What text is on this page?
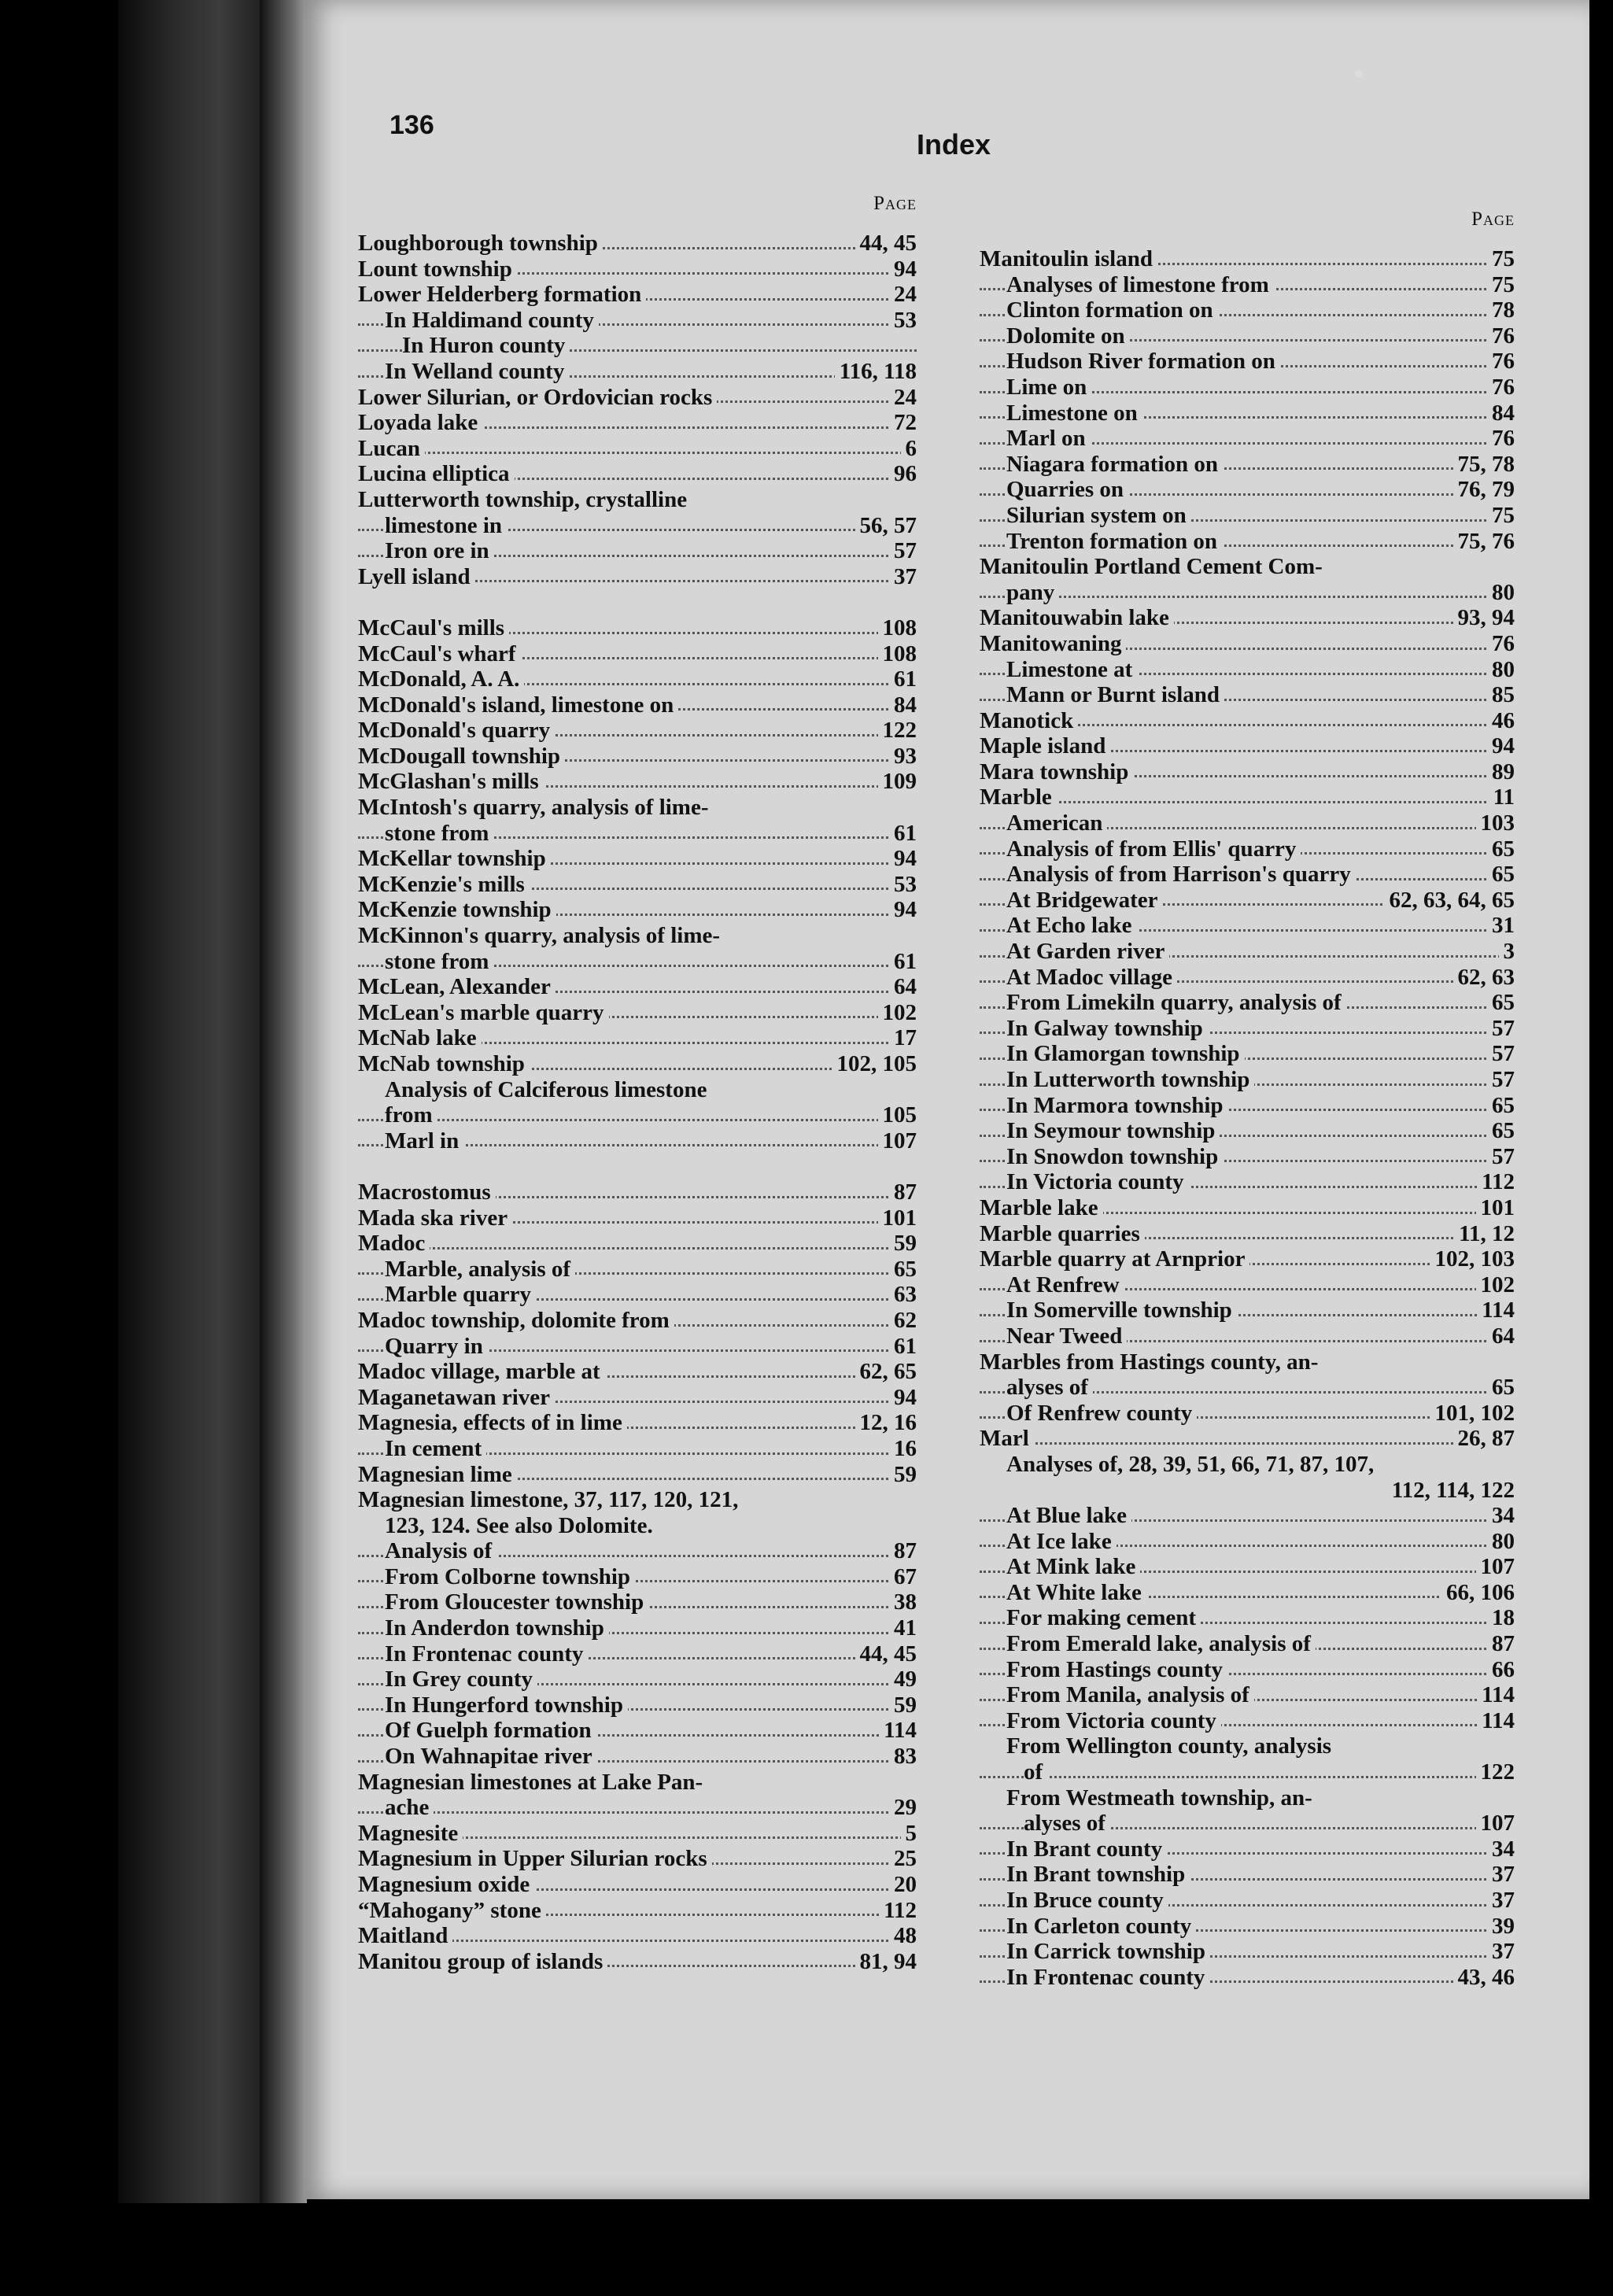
136
Index
Page
Loughborough township	44, 45
Lount township	94
Lower Helderberg formation	24
In Haldimand county	53
In Huron county
In Welland county	116, 118
Lower Silurian, or Ordovician rocks	24
Loyada lake	72
Lucan	6
Lucina elliptica	96
Lutterworth township, crystalline
limestone in	56, 57
Iron ore in	57
Lyell island	37
McCaul's mills	108
McCaul's wharf	108
McDonald, A. A.	61
McDonald's island, limestone on	84
McDonald's quarry	122
McDougall township	93
McGlashan's mills	109
McIntosh's quarry, analysis of lime-
stone from	61
McKellar township	94
McKenzie's mills	53
McKenzie township	94
McKinnon's quarry, analysis of lime-
stone from	61
McLean, Alexander	64
McLean's marble quarry	102
McNab lake	17
McNab township	102, 105
Analysis of Calciferous limestone
from	105
Marl in	107
Macrostomus	87
Mada ska river	101
Madoc	59
Marble, analysis of	65
Marble quarry	63
Madoc township, dolomite from	62
Quarry in	61
Madoc village, marble at	62, 65
Maganetawan river	94
Magnesia, effects of in lime	12, 16
In cement	16
Magnesian lime	59
Magnesian limestone, 37, 117, 120, 121,
123, 124. See also Dolomite.
Analysis of	87
From Colborne township	67
From Gloucester township	38
In Anderdon township	41
In Frontenac county	44, 45
In Grey county	49
In Hungerford township	59
Of Guelph formation	114
On Wahnapitae river	83
Magnesian limestones at Lake Pan-
ache	29
Magnesite	5
Magnesium in Upper Silurian rocks	25
Magnesium oxide	20
“Mahogany” stone	112
Maitland	48
Manitou group of islands	81, 94
Page
Manitoulin island	75
Analyses of limestone from	75
Clinton formation on	78
Dolomite on	76
Hudson River formation on	76
Lime on	76
Limestone on	84
Marl on	76
Niagara formation on	75, 78
Quarries on	76, 79
Silurian system on	75
Trenton formation on	75, 76
Manitoulin Portland Cement Com-
pany	80
Manitouwabin lake	93, 94
Manitowaning	76
Limestone at	80
Mann or Burnt island	85
Manotick	46
Maple island	94
Mara township	89
Marble	11
American	103
Analysis of from Ellis' quarry	65
Analysis of from Harrison's quarry	65
At Bridgewater	62, 63, 64, 65
At Echo lake	31
At Garden river	3
At Madoc village	62, 63
From Limekiln quarry, analysis of	65
In Galway township	57
In Glamorgan township	57
In Lutterworth township	57
In Marmora township	65
In Seymour township	65
In Snowdon township	57
In Victoria county	112
Marble lake	101
Marble quarries	11, 12
Marble quarry at Arnprior	102, 103
At Renfrew	102
In Somerville township	114
Near Tweed	64
Marbles from Hastings county, an-
alyses of	65
Of Renfrew county	101, 102
Marl	26, 87
Analyses of, 28, 39, 51, 66, 71, 87, 107,
112, 114, 122
At Blue lake	34
At Ice lake	80
At Mink lake	107
At White lake	66, 106
For making cement	18
From Emerald lake, analysis of	87
From Hastings county	66
From Manila, analysis of	114
From Victoria county	114
From Wellington county, analysis
of	122
From Westmeath township, an-
alyses of	107
In Brant county	34
In Brant township	37
In Bruce county	37
In Carleton county	39
In Carrick township	37
In Frontenac county	43, 46
•
